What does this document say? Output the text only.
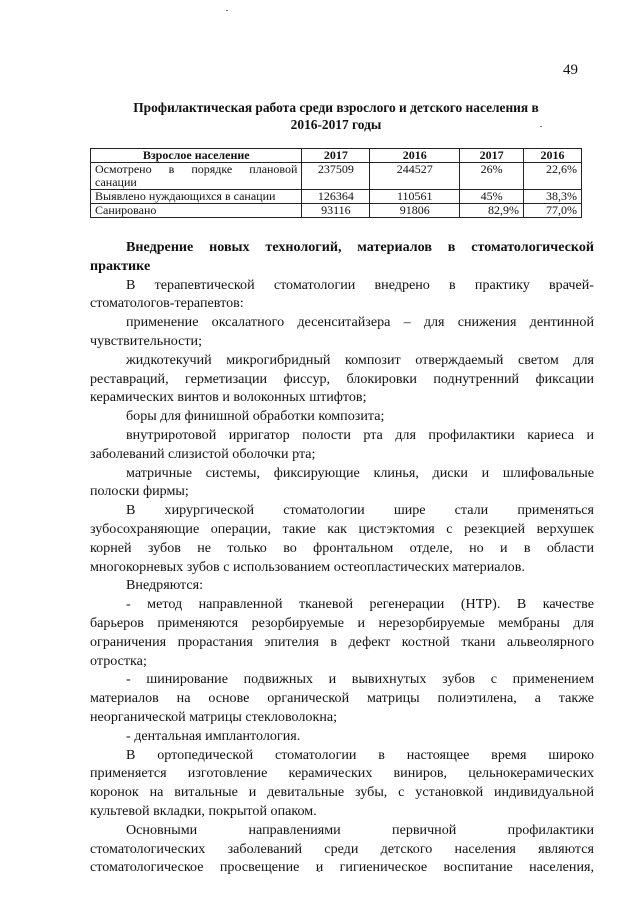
49
Профилактическая работа среди взрослого и детского населения в
2016-2017 годы
Взрослое население	2017	2016	2017	2016

Осмотрено в порядке плановой
санации	237509	244527	26%	22,6%
Выявлено нуждающихся в санации	126364	110561	45%	38,3%
Санировано	93116	91806	82,9%	77,0%
Внедрение новых технологий, материалов в стоматологической
практике
В терапевтической стоматологии внедрено в практику врачей-
стоматологов-терапевтов:
применение оксалатного десенситайзера – для снижения дентинной
чувствительности;
жидкотекучий микрогибридный композит отверждаемый светом для
реставраций, герметизации фиссур, блокировки поднутренний фиксации
керамических винтов и волоконных штифтов;
боры для финишной обработки композита;
внутриротовой ирригатор полости рта для профилактики кариеса и
заболеваний слизистой оболочки рта;
матричные системы, фиксирующие клинья, диски и шлифовальные
полоски фирмы;
В хирургической стоматологии шире стали применяться
зубосохраняющие операции, такие как цистэктомия с резекцией верхушек
корней зубов не только во фронтальном отделе, но и в области
многокорневых зубов с использованием остеопластических материалов.
Внедряются:
- метод направленной тканевой регенерации (НТР). В качестве
барьеров применяются резорбируемые и нерезорбируемые мембраны для
ограничения прорастания эпителия в дефект костной ткани альвеолярного
отростка;
- шинирование подвижных и вывихнутых зубов с применением
материалов на основе органической матрицы полиэтилена, а также
неорганической матрицы стекловолокна;
- дентальная имплантология.
В ортопедической стоматологии в настоящее время широко
применяется изготовление керамических виниров, цельнокерамических
коронок на витальные и девитальные зубы, с установкой индивидуальной
культевой вкладки, покрытой опаком.
Основными направлениями первичной профилактики
стоматологических заболеваний среди детского населения являются
стоматологическое просвещение и гигиеническое воспитание населения,
